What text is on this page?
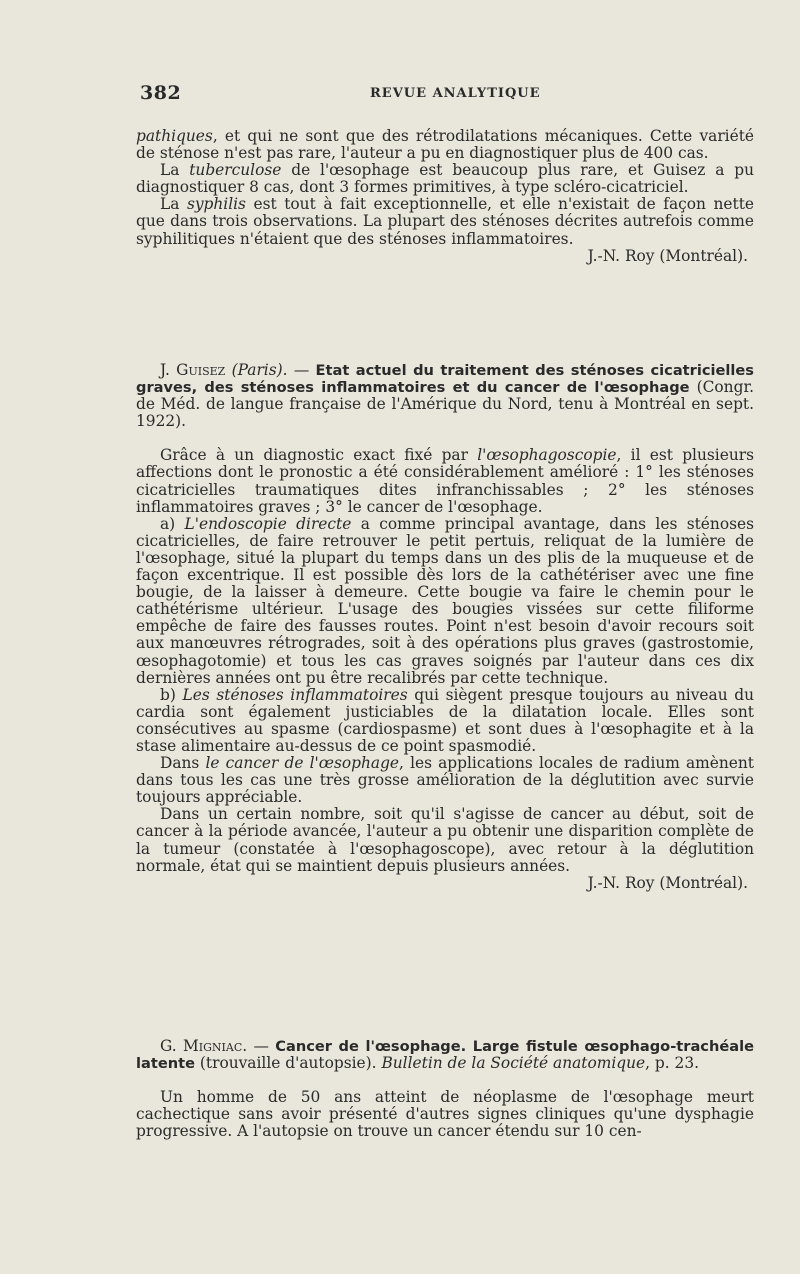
382	REVUE ANALYTIQUE

pathiques, et qui ne sont que des rétrodilatations mécaniques. Cette variété de sténose n'est pas rare, l'auteur a pu en diagnostiquer plus de 400 cas.

La tuberculose de l'œsophage est beaucoup plus rare, et Guisez a pu diagnostiquer 8 cas, dont 3 formes primitives, à type scléro-cicatriciel.

La syphilis est tout à fait exceptionnelle, et elle n'existait de façon nette que dans trois observations. La plupart des sténoses décrites autrefois comme syphilitiques n'étaient que des sténoses inflammatoires.

J.-N. Roy (Montréal).

J. Guisez (Paris). — Etat actuel du traitement des sténoses cicatricielles graves, des sténoses inflammatoires et du cancer de l'œsophage (Congr. de Méd. de langue française de l'Amérique du Nord, tenu à Montréal en sept. 1922).

Grâce à un diagnostic exact fixé par l'œsophagoscopie, il est plusieurs affections dont le pronostic a été considérablement amélioré : 1° les sténoses cicatricielles traumatiques dites infranchissables ; 2° les sténoses inflammatoires graves ; 3° le cancer de l'œsophage.

a) L'endoscopie directe a comme principal avantage, dans les sténoses cicatricielles, de faire retrouver le petit pertuis, reliquat de la lumière de l'œsophage, situé la plupart du temps dans un des plis de la muqueuse et de façon excentrique. Il est possible dès lors de la cathétériser avec une fine bougie, de la laisser à demeure. Cette bougie va faire le chemin pour le cathétérisme ultérieur. L'usage des bougies vissées sur cette filiforme empêche de faire des fausses routes. Point n'est besoin d'avoir recours soit aux manœuvres rétrogrades, soit à des opérations plus graves (gastrostomie, œsophagotomie) et tous les cas graves soignés par l'auteur dans ces dix dernières années ont pu être recalibrés par cette technique.

b) Les sténoses inflammatoires qui siègent presque toujours au niveau du cardia sont également justiciables de la dilatation locale. Elles sont consécutives au spasme (cardiospasme) et sont dues à l'œsophagite et à la stase alimentaire au-dessus de ce point spasmodié.

Dans le cancer de l'œsophage, les applications locales de radium amènent dans tous les cas une très grosse amélioration de la déglutition avec survie toujours appréciable.

Dans un certain nombre, soit qu'il s'agisse de cancer au début, soit de cancer à la période avancée, l'auteur a pu obtenir une disparition complète de la tumeur (constatée à l'œsophagoscope), avec retour à la déglutition normale, état qui se maintient depuis plusieurs années.

J.-N. Roy (Montréal).

G. Migniac. — Cancer de l'œsophage. Large fistule œsophago-trachéale latente (trouvaille d'autopsie). Bulletin de la Société anatomique, p. 23.

Un homme de 50 ans atteint de néoplasme de l'œsophage meurt cachectique sans avoir présenté d'autres signes cliniques qu'une dysphagie progressive. A l'autopsie on trouve un cancer étendu sur 10 cen-
